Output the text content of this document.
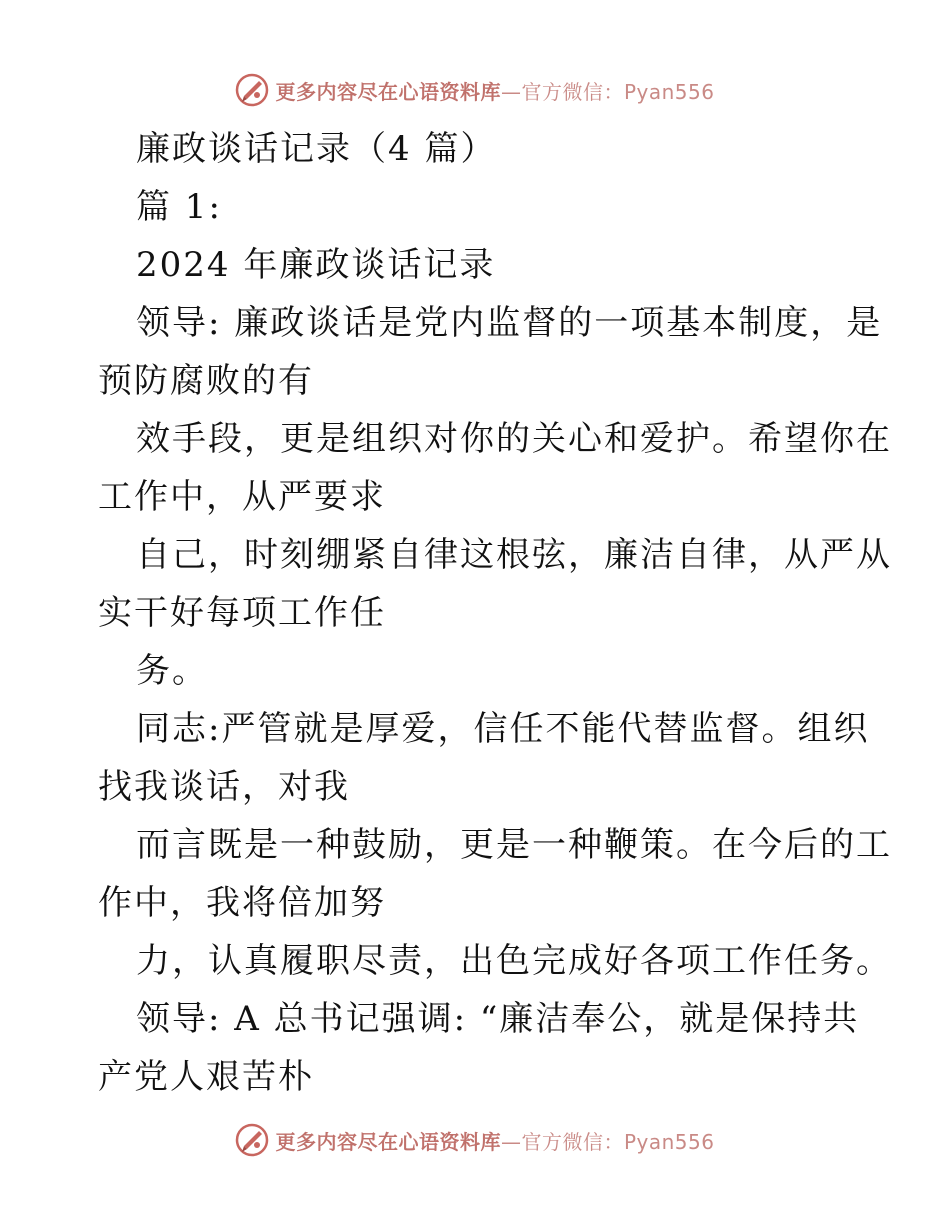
更多内容尽在心语资料库—官方微信：Pyan556
廉政谈话记录（4 篇）
篇 1:
2024 年廉政谈话记录
领导: 廉政谈话是党内监督的一项基本制度，是
预防腐败的有
效手段，更是组织对你的关心和爱护。希望你在
工作中，从严要求
自己，时刻绷紧自律这根弦，廉洁自律，从严从
实干好每项工作任
务。
同志:严管就是厚爱，信任不能代替监督。组织
找我谈话，对我
而言既是一种鼓励，更是一种鞭策。在今后的工
作中，我将倍加努
力，认真履职尽责，出色完成好各项工作任务。
领导: A 总书记强调: “廉洁奉公，就是保持共
产党人艰苦朴
更多内容尽在心语资料库—官方微信：Pyan556
